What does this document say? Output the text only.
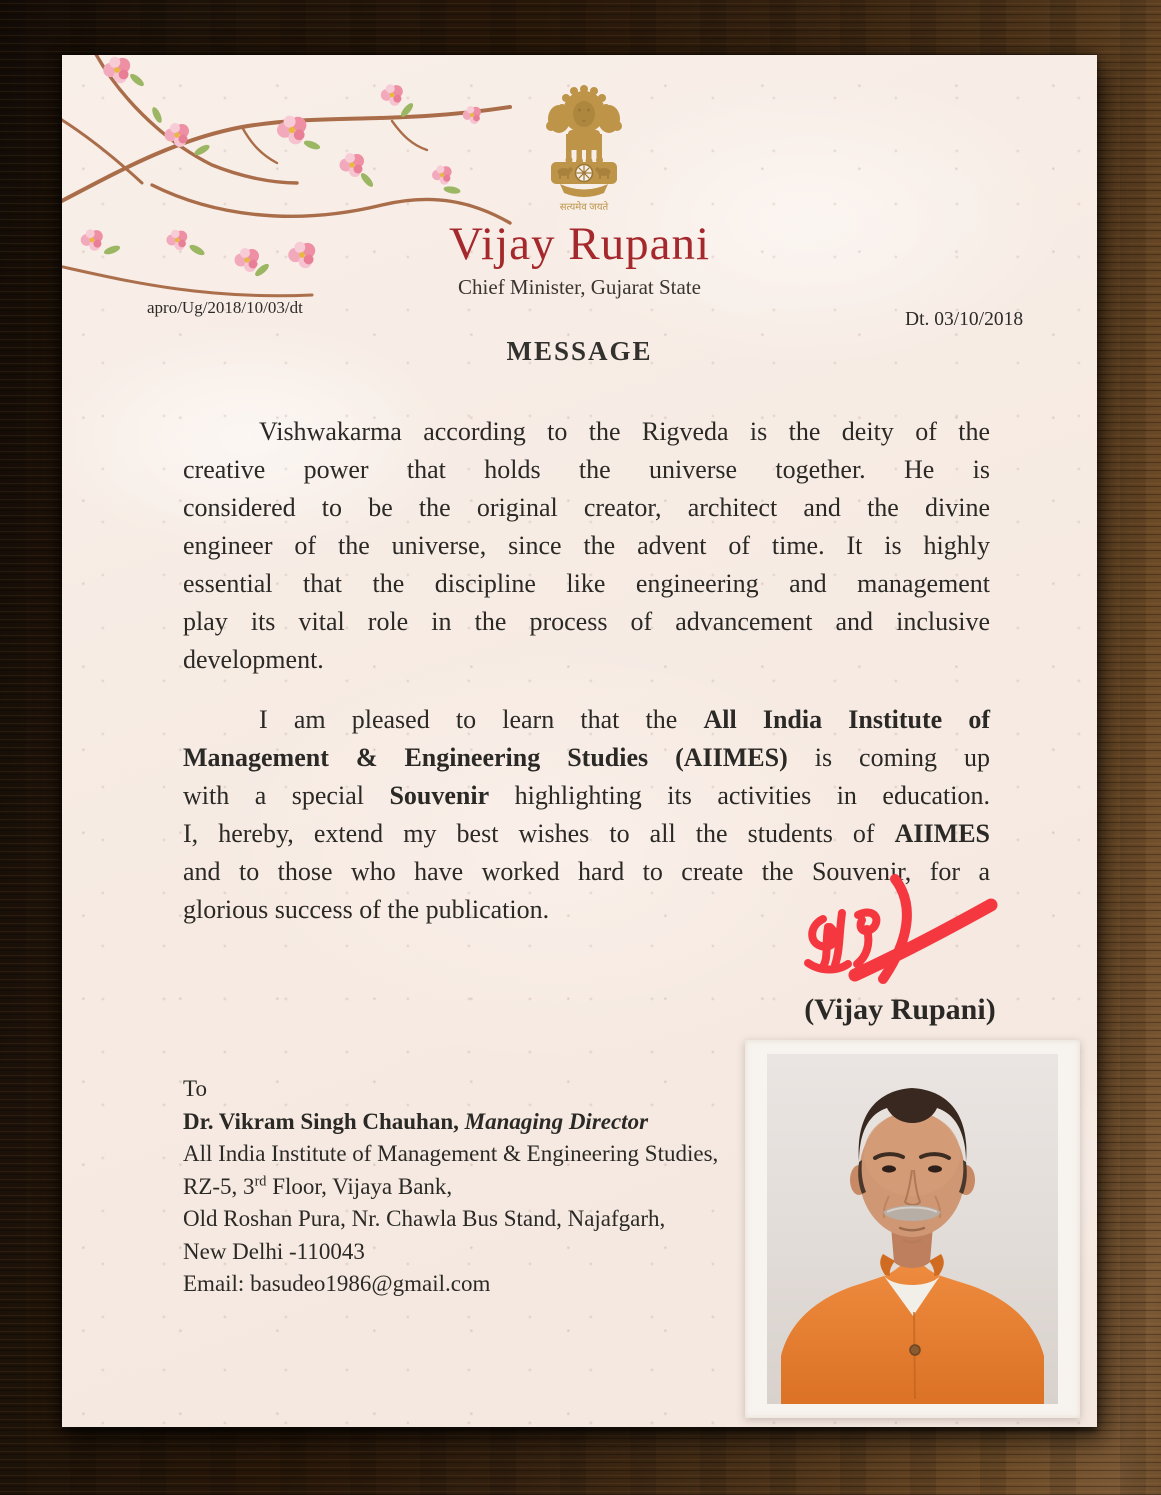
सत्यमेव जयते
Vijay Rupani
Chief Minister, Gujarat State
apro/Ug/2018/10/03/dt
Dt. 03/10/2018
MESSAGE
Vishwakarma according to the Rigveda is the deity of the
creative power that holds the universe together. He is
considered to be the original creator, architect and the divine
engineer of the universe, since the advent of time. It is highly
essential that the discipline like engineering and management
play its vital role in the process of advancement and inclusive
development.
I am pleased to learn that the All India Institute of
Management & Engineering Studies (AIIMES) is coming up
with a special Souvenir highlighting its activities in education.
I, hereby, extend my best wishes to all the students of AIIMES
and to those who have worked hard to create the Souvenir, for a
glorious success of the publication.
(Vijay Rupani)
To
Dr. Vikram Singh Chauhan, Managing Director
All India Institute of Management & Engineering Studies,
RZ-5, 3rd Floor, Vijaya Bank,
Old Roshan Pura, Nr. Chawla Bus Stand, Najafgarh,
New Delhi -110043
Email: basudeo1986@gmail.com
